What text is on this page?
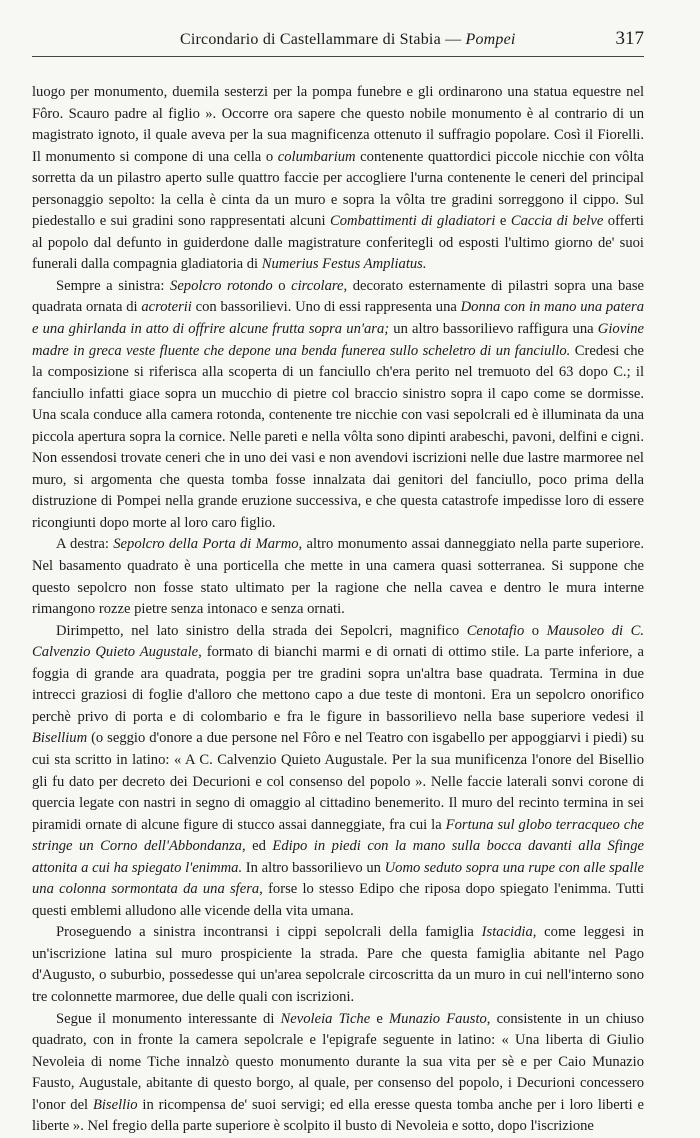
Circondario di Castellammare di Stabia — Pompei	317

luogo per monumento, duemila sesterzi per la pompa funebre e gli ordinarono una statua equestre nel Fôro. Scauro padre al figlio ». Occorre ora sapere che questo nobile monumento è al contrario di un magistrato ignoto, il quale aveva per la sua magnificenza ottenuto il suffragio popolare. Così il Fiorelli. Il monumento si compone di una cella o columbarium contenente quattordici piccole nicchie con vôlta sorretta da un pilastro aperto sulle quattro faccie per accogliere l'urna contenente le ceneri del principal personaggio sepolto: la cella è cinta da un muro e sopra la vôlta tre gradini sorreggono il cippo. Sul piedestallo e sui gradini sono rappresentati alcuni Combattimenti di gladiatori e Caccia di belve offerti al popolo dal defunto in guiderdone dalle magistrature conferitegli od esposti l'ultimo giorno de' suoi funerali dalla compagnia gladiatoria di Numerius Festus Ampliatus.

Sempre a sinistra: Sepolcro rotondo o circolare, decorato esternamente di pilastri sopra una base quadrata ornata di acroterii con bassorilievi. Uno di essi rappresenta una Donna con in mano una patera e una ghirlanda in atto di offrire alcune frutta sopra un'ara; un altro bassorilievo raffigura una Giovine madre in greca veste fluente che depone una benda funerea sullo scheletro di un fanciullo. Credesi che la composizione si riferisca alla scoperta di un fanciullo ch'era perito nel tremuoto del 63 dopo C.; il fanciullo infatti giace sopra un mucchio di pietre col braccio sinistro sopra il capo come se dormisse. Una scala conduce alla camera rotonda, contenente tre nicchie con vasi sepolcrali ed è illuminata da una piccola apertura sopra la cornice. Nelle pareti e nella vôlta sono dipinti arabeschi, pavoni, delfini e cigni. Non essendosi trovate ceneri che in uno dei vasi e non avendovi iscrizioni nelle due lastre marmoree nel muro, si argomenta che questa tomba fosse innalzata dai genitori del fanciullo, poco prima della distruzione di Pompei nella grande eruzione successiva, e che questa catastrofe impedisse loro di essere ricongiunti dopo morte al loro caro figlio.

A destra: Sepolcro della Porta di Marmo, altro monumento assai danneggiato nella parte superiore. Nel basamento quadrato è una porticella che mette in una camera quasi sotterranea. Si suppone che questo sepolcro non fosse stato ultimato per la ragione che nella cavea e dentro le mura interne rimangono rozze pietre senza intonaco e senza ornati.

Dirimpetto, nel lato sinistro della strada dei Sepolcri, magnifico Cenotafio o Mausoleo di C. Calvenzio Quieto Augustale, formato di bianchi marmi e di ornati di ottimo stile. La parte inferiore, a foggia di grande ara quadrata, poggia per tre gradini sopra un'altra base quadrata. Termina in due intrecci graziosi di foglie d'alloro che mettono capo a due teste di montoni. Era un sepolcro onorifico perchè privo di porta e di colombario e fra le figure in bassorilievo nella base superiore vedesi il Bisellium (o seggio d'onore a due persone nel Fôro e nel Teatro con isgabello per appoggiarvi i piedi) su cui sta scritto in latino: « A C. Calvenzio Quieto Augustale. Per la sua munificenza l'onore del Bisellio gli fu dato per decreto dei Decurioni e col consenso del popolo ». Nelle faccie laterali sonvi corone di quercia legate con nastri in segno di omaggio al cittadino benemerito. Il muro del recinto termina in sei piramidi ornate di alcune figure di stucco assai danneggiate, fra cui la Fortuna sul globo terracqueo che stringe un Corno dell'Abbondanza, ed Edipo in piedi con la mano sulla bocca davanti alla Sfinge attonita a cui ha spiegato l'enimma. In altro bassorilievo un Uomo seduto sopra una rupe con alle spalle una colonna sormontata da una sfera, forse lo stesso Edipo che riposa dopo spiegato l'enimma. Tutti questi emblemi alludono alle vicende della vita umana.

Proseguendo a sinistra incontransi i cippi sepolcrali della famiglia Istacidia, come leggesi in un'iscrizione latina sul muro prospiciente la strada. Pare che questa famiglia abitante nel Pago d'Augusto, o suburbio, possedesse qui un'area sepolcrale circoscritta da un muro in cui nell'interno sono tre colonnette marmoree, due delle quali con iscrizioni.

Segue il monumento interessante di Nevoleia Tiche e Munazio Fausto, consistente in un chiuso quadrato, con in fronte la camera sepolcrale e l'epigrafe seguente in latino: « Una liberta di Giulio Nevoleia di nome Tiche innalzò questo monumento durante la sua vita per sè e per Caio Munazio Fausto, Augustale, abitante di questo borgo, al quale, per consenso del popolo, i Decurioni concessero l'onor del Bisellio in ricompensa de' suoi servigi; ed ella eresse questa tomba anche per i loro liberti e liberte ». Nel fregio della parte superiore è scolpito il busto di Nevoleia e sotto, dopo l'iscrizione
